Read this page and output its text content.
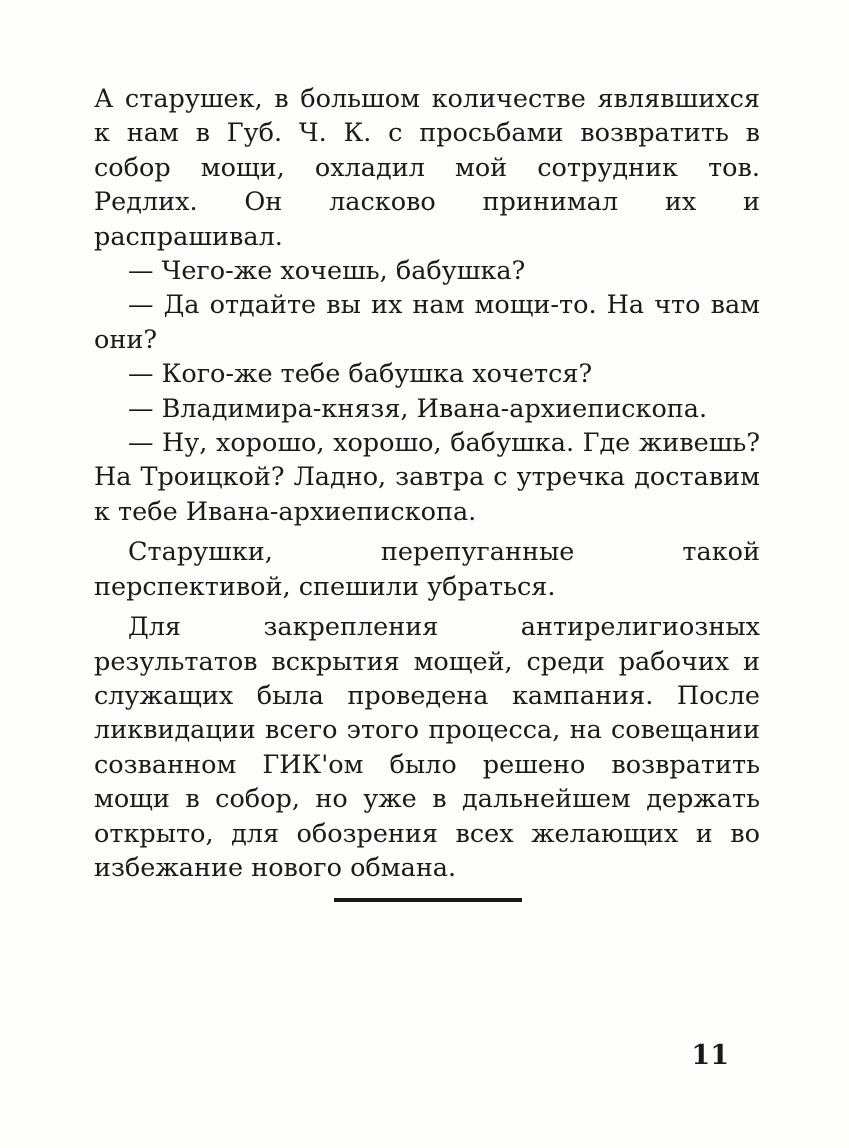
А старушек, в большом количестве являвшихся к нам в Губ. Ч. К. с просьбами возвратить в собор мощи, охладил мой сотрудник тов. Редлих. Он ласково принимал их и распрашивал.

— Чего-же хочешь, бабушка?

— Да отдайте вы их нам мощи-то. На что вам они?

— Кого-же тебе бабушка хочется?

— Владимира-князя, Ивана-архиепископа.

— Ну, хорошо, хорошо, бабушка. Где живешь? На Троицкой? Ладно, завтра с утречка доставим к тебе Ивана-архиепископа.

Старушки, перепуганные такой перспективой, спешили убраться.

Для закрепления антирелигиозных результатов вскрытия мощей, среди рабочих и служащих была проведена кампания. После ликвидации всего этого процесса, на совещании созванном ГИК'ом было решено возвратить мощи в собор, но уже в дальнейшем держать открыто, для обозрения всех желающих и во избежание нового обмана.

11
